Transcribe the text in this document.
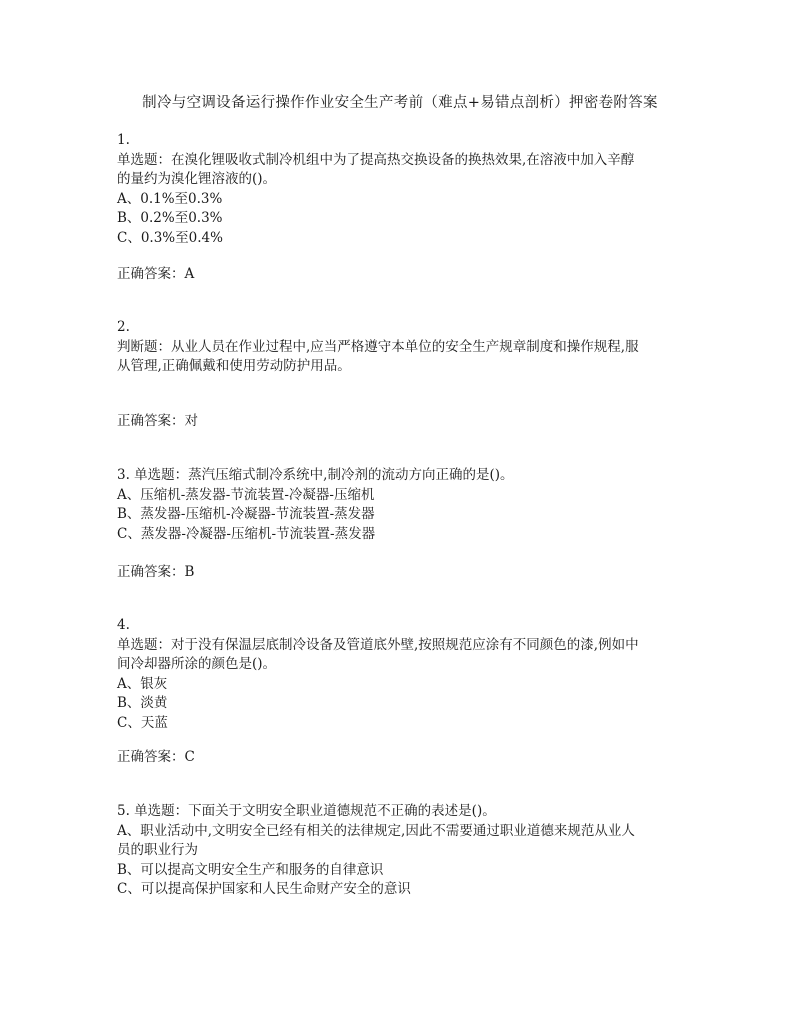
制冷与空调设备运行操作作业安全生产考前（难点+易错点剖析）押密卷附答案
1.
单选题：在溴化锂吸收式制冷机组中为了提高热交换设备的换热效果,在溶液中加入辛醇
的量约为溴化锂溶液的()。
A、0.1%至0.3%
B、0.2%至0.3%
C、0.3%至0.4%
正确答案：A
2.
判断题：从业人员在作业过程中,应当严格遵守本单位的安全生产规章制度和操作规程,服
从管理,正确佩戴和使用劳动防护用品。
正确答案：对
3. 单选题：蒸汽压缩式制冷系统中,制冷剂的流动方向正确的是()。
A、压缩机-蒸发器-节流装置-冷凝器-压缩机
B、蒸发器-压缩机-冷凝器-节流装置-蒸发器
C、蒸发器-冷凝器-压缩机-节流装置-蒸发器
正确答案：B
4.
单选题：对于没有保温层底制冷设备及管道底外壁,按照规范应涂有不同颜色的漆,例如中
间冷却器所涂的颜色是()。
A、银灰
B、淡黄
C、天蓝
正确答案：C
5. 单选题：下面关于文明安全职业道德规范不正确的表述是()。
A、职业活动中,文明安全已经有相关的法律规定,因此不需要通过职业道德来规范从业人
员的职业行为
B、可以提高文明安全生产和服务的自律意识
C、可以提高保护国家和人民生命财产安全的意识
